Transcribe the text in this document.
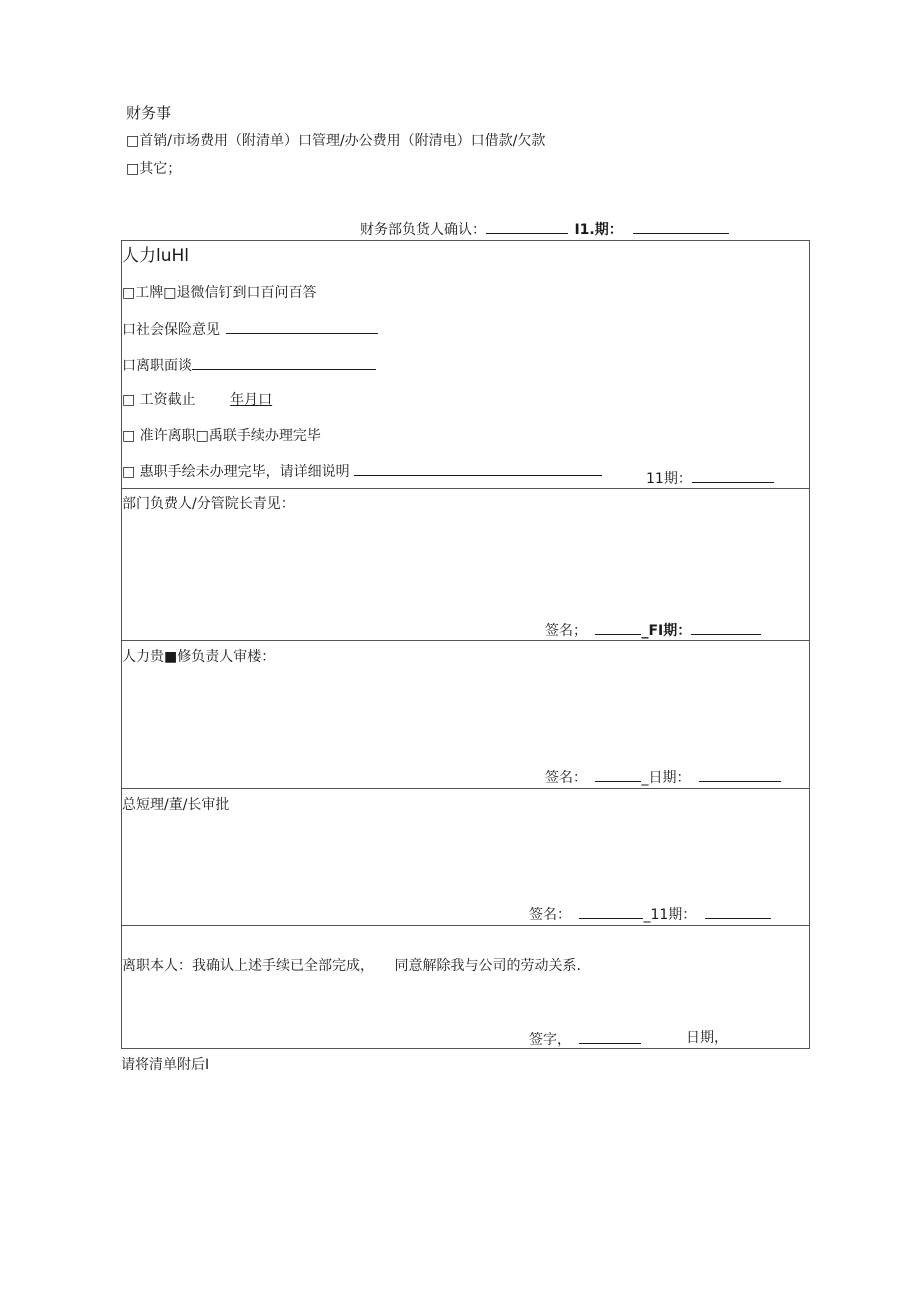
财务事
□首销/市场费用（附清单）口管理/办公费用（附清电）口借款/欠款
□其它；
财务部负货人确认：	I1.期：
人力luHl
□工牌□退微信钉到口百问百答
口社会保险意见
口离职面谈
□ 工资截止 年月口
□ 准许离职□禹联手续办理完毕
□ 惠职手绘未办理完毕，请详细说明	11期：
部门负费人/分管院长青见：
签名；	_FI期：
人力贵■修负责人审楼：
签名：	_日期：
总短理/董/长审批
签名：	_11期：
离职本人：我确认上述手续已全部完成， 同意解除我与公司的劳动关系.
签字，	日期，
请将清单附后I
